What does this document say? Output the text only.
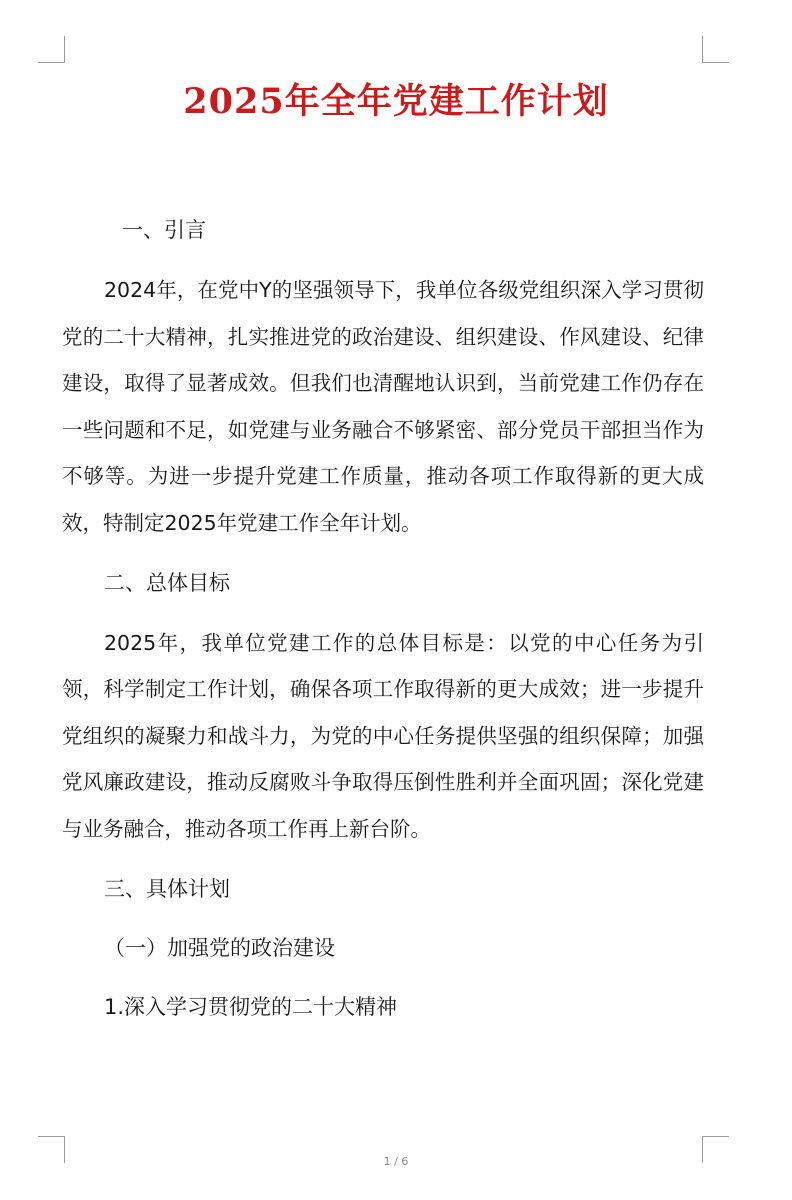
2025年全年党建工作计划
一、引言

2024年，在党中Y的坚强领导下，我单位各级党组织深入学习贯彻党的二十大精神，扎实推进党的政治建设、组织建设、作风建设、纪律建设，取得了显著成效。但我们也清醒地认识到，当前党建工作仍存在一些问题和不足，如党建与业务融合不够紧密、部分党员干部担当作为不够等。为进一步提升党建工作质量，推动各项工作取得新的更大成效，特制定2025年党建工作全年计划。

二、总体目标

2025年，我单位党建工作的总体目标是：以党的中心任务为引领，科学制定工作计划，确保各项工作取得新的更大成效；进一步提升党组织的凝聚力和战斗力，为党的中心任务提供坚强的组织保障；加强党风廉政建设，推动反腐败斗争取得压倒性胜利并全面巩固；深化党建与业务融合，推动各项工作再上新台阶。

三、具体计划
（一）加强党的政治建设
1.深入学习贯彻党的二十大精神
1 / 6
